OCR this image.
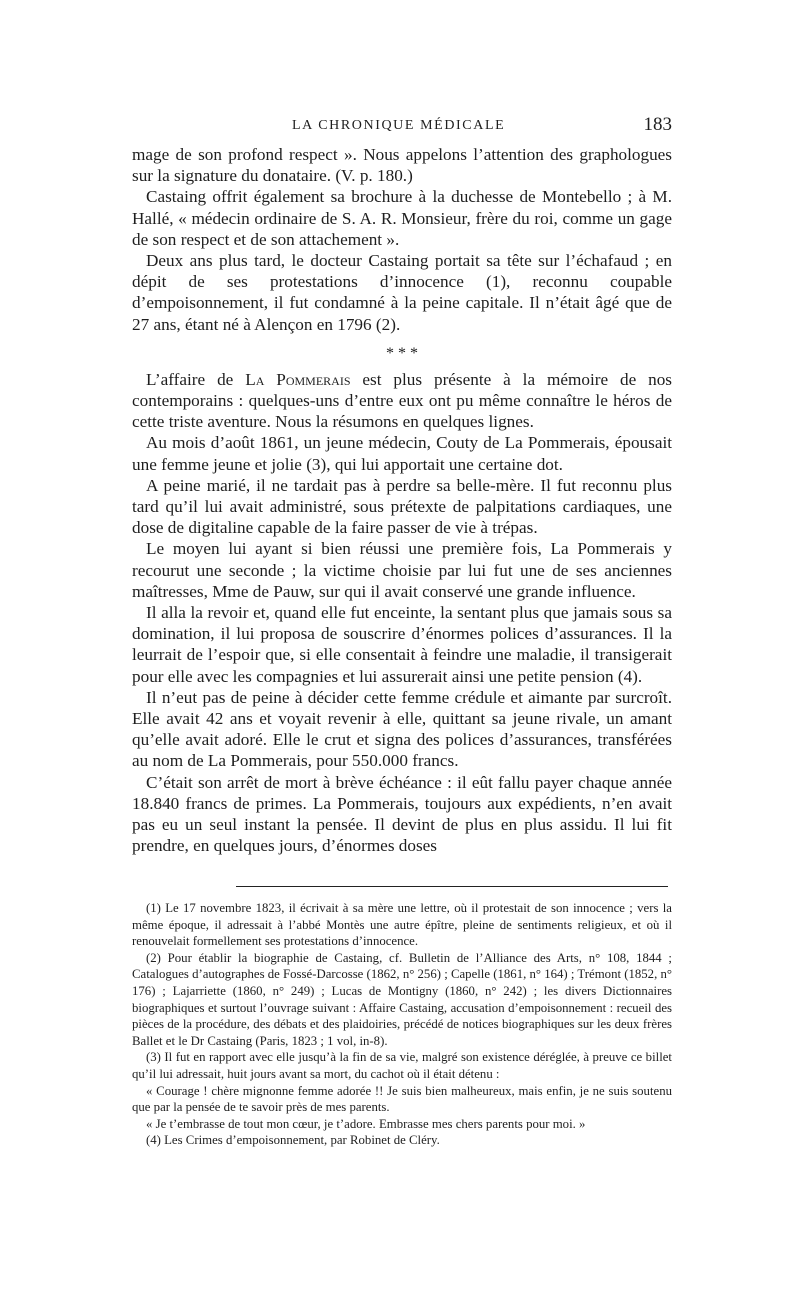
LA CHRONIQUE MÉDICALE	183

mage de son profond respect ». Nous appelons l’attention des graphologues sur la signature du donataire. (V. p. 180.)

Castaing offrit également sa brochure à la duchesse de Montebello ; à M. Hallé, « médecin ordinaire de S. A. R. Monsieur, frère du roi, comme un gage de son respect et de son attachement ».

Deux ans plus tard, le docteur Castaing portait sa tête sur l’échafaud ; en dépit de ses protestations d’innocence (1), reconnu coupable d’empoisonnement, il fut condamné à la peine capitale. Il n’était âgé que de 27 ans, étant né à Alençon en 1796 (2).

* * *

L’affaire de La Pommerais est plus présente à la mémoire de nos contemporains : quelques-uns d’entre eux ont pu même connaître le héros de cette triste aventure. Nous la résumons en quelques lignes.

Au mois d’août 1861, un jeune médecin, Couty de La Pommerais, épousait une femme jeune et jolie (3), qui lui apportait une certaine dot.

A peine marié, il ne tardait pas à perdre sa belle-mère. Il fut reconnu plus tard qu’il lui avait administré, sous prétexte de palpitations cardiaques, une dose de digitaline capable de la faire passer de vie à trépas.

Le moyen lui ayant si bien réussi une première fois, La Pommerais y recourut une seconde ; la victime choisie par lui fut une de ses anciennes maîtresses, Mme de Pauw, sur qui il avait conservé une grande influence.

Il alla la revoir et, quand elle fut enceinte, la sentant plus que jamais sous sa domination, il lui proposa de souscrire d’énormes polices d’assurances. Il la leurrait de l’espoir que, si elle consentait à feindre une maladie, il transigerait pour elle avec les compagnies et lui assurerait ainsi une petite pension (4).

Il n’eut pas de peine à décider cette femme crédule et aimante par surcroît. Elle avait 42 ans et voyait revenir à elle, quittant sa jeune rivale, un amant qu’elle avait adoré. Elle le crut et signa des polices d’assurances, transférées au nom de La Pommerais, pour 550.000 francs.

C’était son arrêt de mort à brève échéance : il eût fallu payer chaque année 18.840 francs de primes. La Pommerais, toujours aux expédients, n’en avait pas eu un seul instant la pensée. Il devint de plus en plus assidu. Il lui fit prendre, en quelques jours, d’énormes doses

(1) Le 17 novembre 1823, il écrivait à sa mère une lettre, où il protestait de son innocence ; vers la même époque, il adressait à l’abbé Montès une autre épître, pleine de sentiments religieux, et où il renouvelait formellement ses protestations d’innocence.

(2) Pour établir la biographie de Castaing, cf. Bulletin de l’Alliance des Arts, n° 108, 1844 ; Catalogues d’autographes de Fossé-Darcosse (1862, n° 256) ; Capelle (1861, n° 164) ; Trémont (1852, n° 176) ; Lajarriette (1860, n° 249) ; Lucas de Montigny (1860, n° 242) ; les divers Dictionnaires biographiques et surtout l’ouvrage suivant : Affaire Castaing, accusation d’empoisonnement : recueil des pièces de la procédure, des débats et des plaidoiries, précédé de notices biographiques sur les deux frères Ballet et le Dr Castaing (Paris, 1823 ; 1 vol, in-8).

(3) Il fut en rapport avec elle jusqu’à la fin de sa vie, malgré son existence déréglée, à preuve ce billet qu’il lui adressait, huit jours avant sa mort, du cachot où il était détenu :

« Courage ! chère mignonne femme adorée !! Je suis bien malheureux, mais enfin, je ne suis soutenu que par la pensée de te savoir près de mes parents.

« Je t’embrasse de tout mon cœur, je t’adore. Embrasse mes chers parents pour moi. »

(4) Les Crimes d’empoisonnement, par Robinet de Cléry.
